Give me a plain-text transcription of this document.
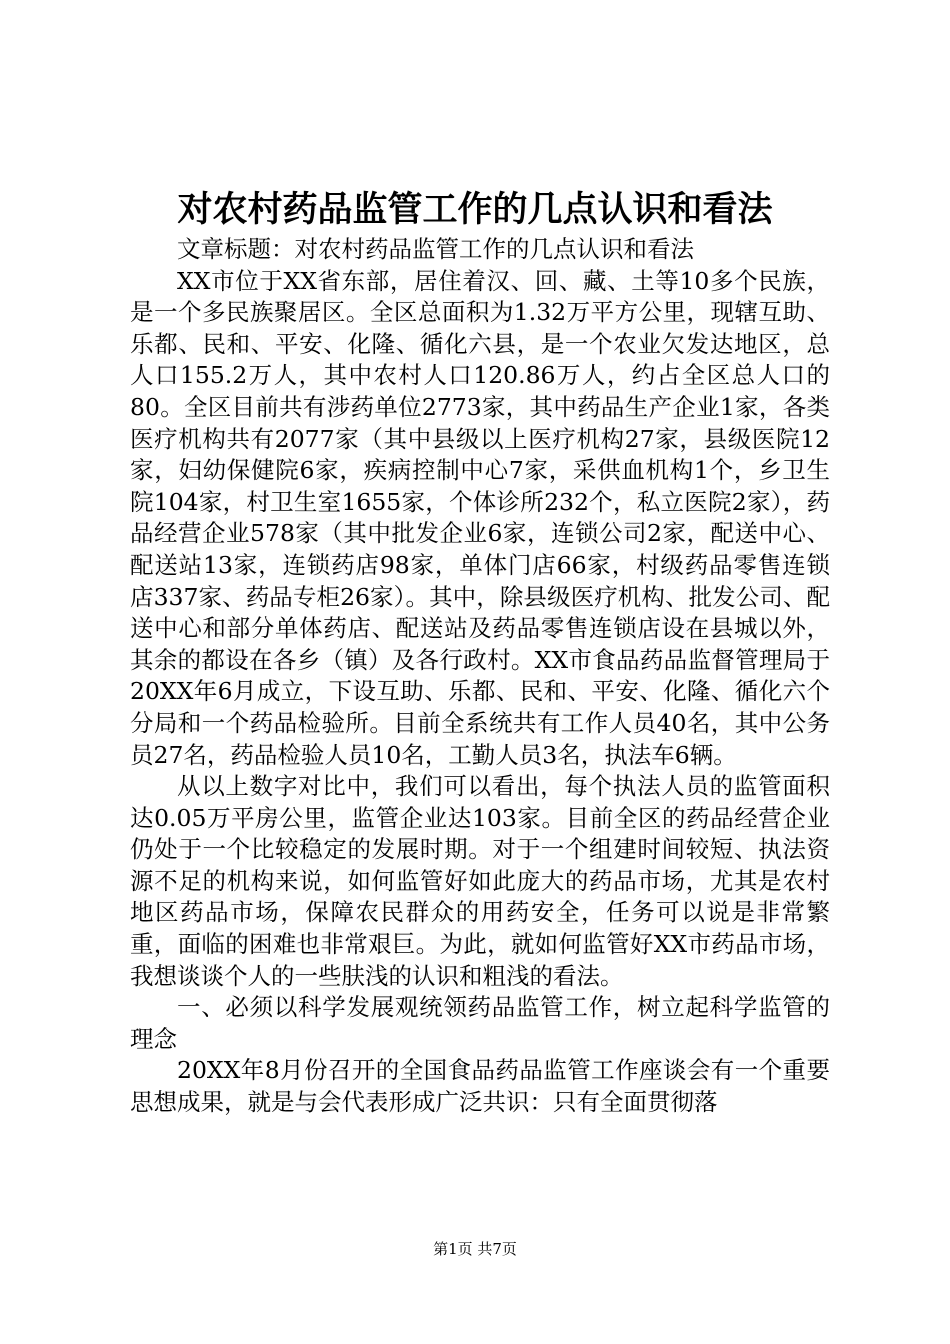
对农村药品监管工作的几点认识和看法

文章标题：对农村药品监管工作的几点认识和看法

XX市位于XX省东部，居住着汉、回、藏、土等10多个民族，是一个多民族聚居区。全区总面积为1.32万平方公里，现辖互助、乐都、民和、平安、化隆、循化六县，是一个农业欠发达地区，总人口155.2万人，其中农村人口120.86万人，约占全区总人口的80。全区目前共有涉药单位2773家，其中药品生产企业1家，各类医疗机构共有2077家（其中县级以上医疗机构27家，县级医院12家，妇幼保健院6家，疾病控制中心7家，采供血机构1个，乡卫生院104家，村卫生室1655家，个体诊所232个，私立医院2家），药品经营企业578家（其中批发企业6家，连锁公司2家，配送中心、配送站13家，连锁药店98家，单体门店66家，村级药品零售连锁店337家、药品专柜26家）。其中，除县级医疗机构、批发公司、配送中心和部分单体药店、配送站及药品零售连锁店设在县城以外，其余的都设在各乡（镇）及各行政村。XX市食品药品监督管理局于20XX年6月成立，下设互助、乐都、民和、平安、化隆、循化六个分局和一个药品检验所。目前全系统共有工作人员40名，其中公务员27名，药品检验人员10名，工勤人员3名，执法车6辆。

从以上数字对比中，我们可以看出，每个执法人员的监管面积达0.05万平房公里，监管企业达103家。目前全区的药品经营企业仍处于一个比较稳定的发展时期。对于一个组建时间较短、执法资源不足的机构来说，如何监管好如此庞大的药品市场，尤其是农村地区药品市场，保障农民群众的用药安全，任务可以说是非常繁重，面临的困难也非常艰巨。为此，就如何监管好XX市药品市场，我想谈谈个人的一些肤浅的认识和粗浅的看法。

一、必须以科学发展观统领药品监管工作，树立起科学监管的理念

20XX年8月份召开的全国食品药品监管工作座谈会有一个重要思想成果，就是与会代表形成广泛共识：只有全面贯彻落

第1页 共7页
